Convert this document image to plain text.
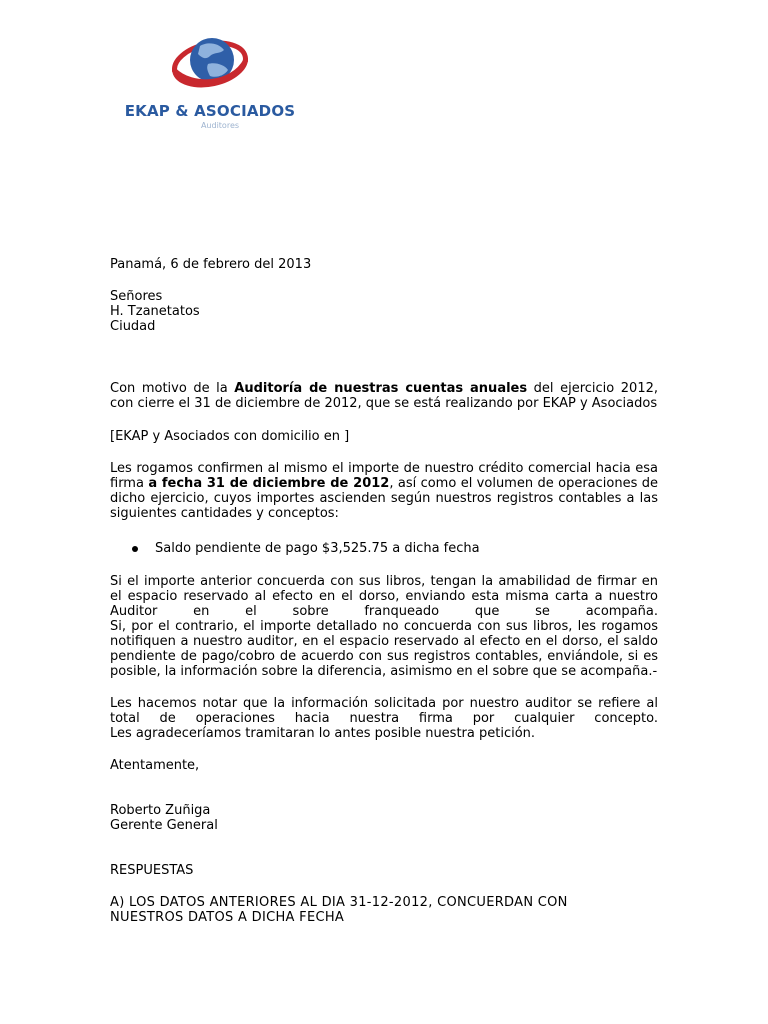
EKAP & ASOCIADOS
Auditores
Panamá, 6 de febrero del 2013
Señores
H. Tzanetatos
Ciudad
Con motivo de la Auditoría de nuestras cuentas anuales del ejercicio 2012, con cierre el 31 de diciembre de 2012, que se está realizando por EKAP y Asociados
[EKAP y Asociados con domicilio en ]
Les rogamos confirmen al mismo el importe de nuestro crédito comercial hacia esa firma a fecha 31 de diciembre de 2012, así como el volumen de operaciones de dicho ejercicio, cuyos importes ascienden según nuestros registros contables a las siguientes cantidades y conceptos:
Saldo pendiente de pago $3,525.75 a dicha fecha
Si el importe anterior concuerda con sus libros, tengan la amabilidad de firmar en el espacio reservado al efecto en el dorso, enviando esta misma carta a nuestro Auditor en el sobre franqueado que se acompaña.
Si, por el contrario, el importe detallado no concuerda con sus libros, les rogamos notifiquen a nuestro auditor, en el espacio reservado al efecto en el dorso, el saldo pendiente de pago/cobro de acuerdo con sus registros contables, enviándole, si es posible, la información sobre la diferencia, asimismo en el sobre que se acompaña.-
Les hacemos notar que la información solicitada por nuestro auditor se refiere al total de operaciones hacia nuestra firma por cualquier concepto.
Les agradeceríamos tramitaran lo antes posible nuestra petición.
Atentamente,
Roberto Zuñiga
Gerente General
RESPUESTAS
A) LOS DATOS ANTERIORES AL DIA 31-12-2012, CONCUERDAN CON NUESTROS DATOS A DICHA FECHA
